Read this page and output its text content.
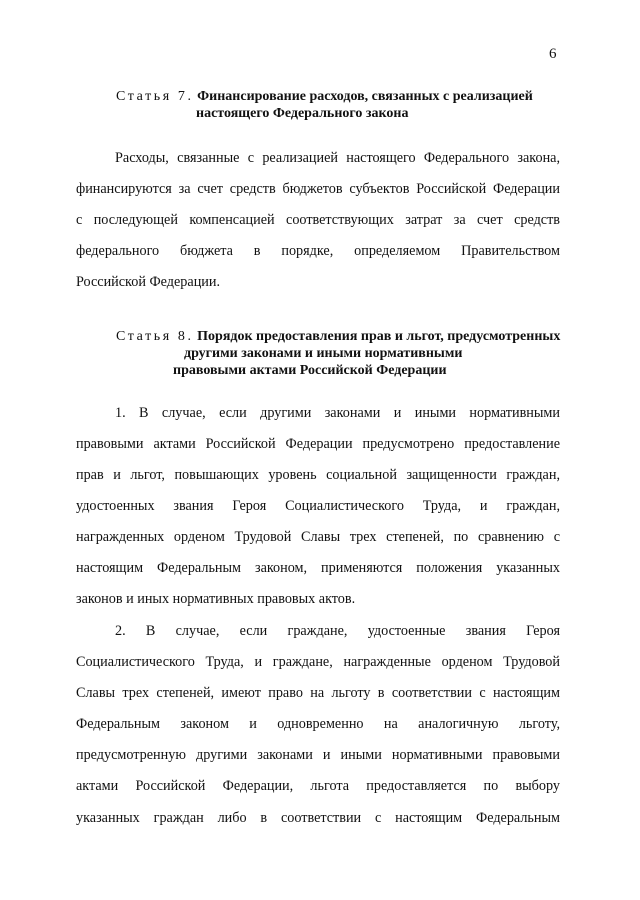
6
Статья 7. Финансирование расходов, связанных с реализацией
настоящего Федерального закона
Расходы, связанные с реализацией настоящего Федерального закона,
финансируются за счет средств бюджетов субъектов Российской Федерации
с последующей компенсацией соответствующих затрат за счет средств
федерального бюджета в порядке, определяемом Правительством
Российской Федерации.
Статья 8. Порядок предоставления прав и льгот, предусмотренных
другими законами и иными нормативными
правовыми актами Российской Федерации
1. В случае, если другими законами и иными нормативными
правовыми актами Российской Федерации предусмотрено предоставление
прав и льгот, повышающих уровень социальной защищенности граждан,
удостоенных звания Героя Социалистического Труда, и граждан,
награжденных орденом Трудовой Славы трех степеней, по сравнению с
настоящим Федеральным законом, применяются положения указанных
законов и иных нормативных правовых актов.
2. В случае, если граждане, удостоенные звания Героя
Социалистического Труда, и граждане, награжденные орденом Трудовой
Славы трех степеней, имеют право на льготу в соответствии с настоящим
Федеральным законом и одновременно на аналогичную льготу,
предусмотренную другими законами и иными нормативными правовыми
актами Российской Федерации, льгота предоставляется по выбору
указанных граждан либо в соответствии с настоящим Федеральным
